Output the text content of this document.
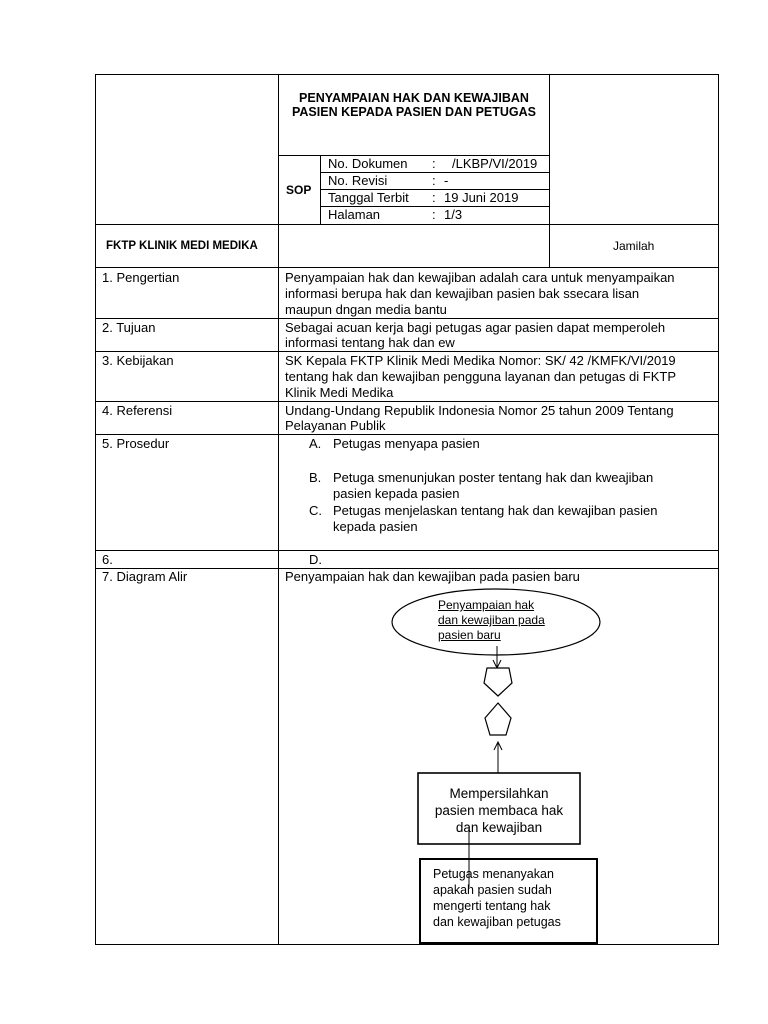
PENYAMPAIAN HAK DAN KEWAJIBAN PASIEN KEPADA PASIEN DAN PETUGAS
SOP
No. Dokumen : /LKBP/VI/2019
No. Revisi	: -
Tanggal Terbit : 19 Juni 2019
Halaman	: 1/3
FKTP KLINIK MEDI MEDIKA	Jamilah
1. Pengertian	Penyampaian hak dan kewajiban adalah cara untuk menyampaikan
informasi berupa hak dan kewajiban pasien bak ssecara lisan
maupun dngan media bantu
2. Tujuan	Sebagai acuan kerja bagi petugas agar pasien dapat memperoleh
informasi tentang hak dan ew
3. Kebijakan	SK Kepala FKTP Klinik Medi Medika Nomor: SK/ 42 /KMFK/VI/2019
tentang hak dan kewajiban pengguna layanan dan petugas di FKTP
Klinik Medi Medika
4. Referensi	Undang-Undang Republik Indonesia Nomor 25 tahun 2009 Tentang
Pelayanan Publik
5. Prosedur	A. Petugas menyapa pasien
B. Petuga smenunjukan poster tentang hak dan kweajiban
pasien kepada pasien
C. Petugas menjelaskan tentang hak dan kewajiban pasien
kepada pasien
6.	D.
7. Diagram Alir	Penyampaian hak dan kewajiban pada pasien baru
Penyampaian hak
dan kewajiban pada
pasien baru
Mempersilahkan
pasien membaca hak
dan kewajiban
Petugas menanyakan
apakah pasien sudah
mengerti tentang hak
dan kewajiban petugas
